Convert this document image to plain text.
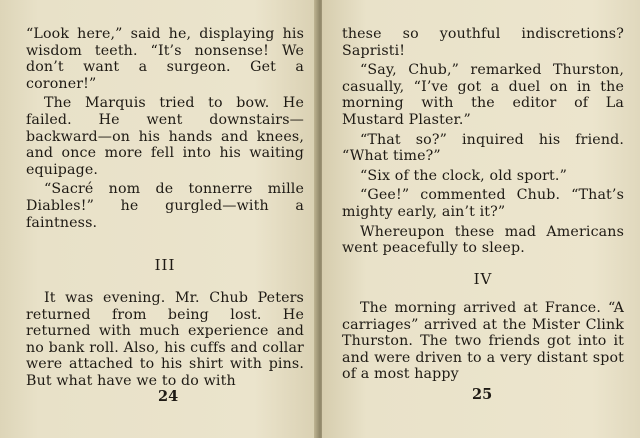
“Look here,” said he, displaying his wisdom teeth. “It’s nonsense! We don’t want a surgeon. Get a coroner!”

The Marquis tried to bow. He failed. He went downstairs—backward—on his hands and knees, and once more fell into his waiting equipage.

“Sacré nom de tonnerre mille Diables!” he gurgled—with a faintness.

III

It was evening. Mr. Chub Peters returned from being lost. He returned with much experience and no bank roll. Also, his cuffs and collar were attached to his shirt with pins. But what have we to do with

24

these so youthful indiscretions? Sapristi!

“Say, Chub,” remarked Thurston, casually, “I’ve got a duel on in the morning with the editor of La Mustard Plaster.”

“That so?” inquired his friend. “What time?”

“Six of the clock, old sport.”

“Gee!” commented Chub. “That’s mighty early, ain’t it?”

Whereupon these mad Americans went peacefully to sleep.

IV

The morning arrived at France. “A carriages” arrived at the Mister Clink Thurston. The two friends got into it and were driven to a very distant spot of a most happy

25
